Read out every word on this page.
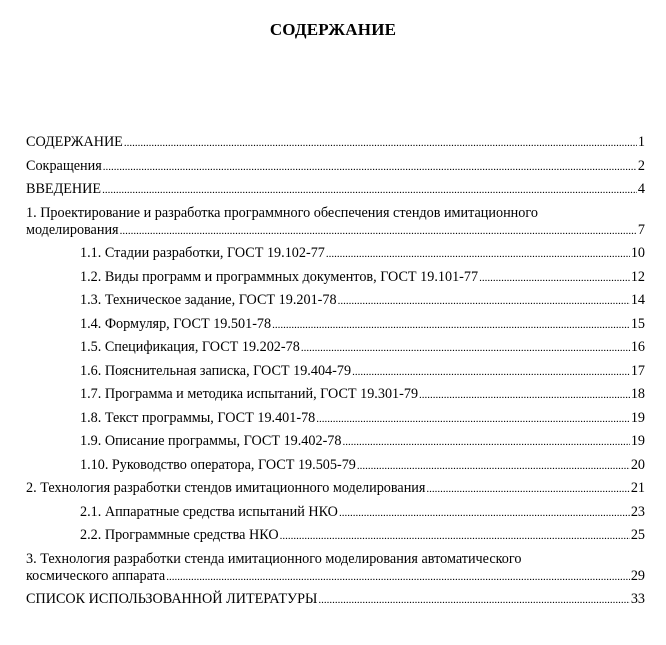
СОДЕРЖАНИЕ
СОДЕРЖАНИЕ .....	1
Сокращения .....	2
ВВЕДЕНИЕ .....	4
1. Проектирование и разработка программного обеспечения стендов имитационного
моделирования .....	7
1.1. Стадии разработки, ГОСТ 19.102-77 .....	10
1.2. Виды программ и программных документов, ГОСТ 19.101-77 .....	12
1.3. Техническое задание, ГОСТ 19.201-78 .....	14
1.4. Формуляр, ГОСТ 19.501-78 .....	15
1.5. Спецификация, ГОСТ 19.202-78 .....	16
1.6. Пояснительная записка, ГОСТ 19.404-79 .....	17
1.7. Программа и методика испытаний, ГОСТ 19.301-79 .....	18
1.8. Текст программы, ГОСТ 19.401-78 .....	19
1.9. Описание программы, ГОСТ 19.402-78 .....	19
1.10. Руководство оператора, ГОСТ 19.505-79 .....	20
2. Технология разработки стендов имитационного моделирования .....	21
2.1. Аппаратные средства испытаний НКО .....	23
2.2. Программные средства НКО .....	25
3. Технология разработки стенда имитационного моделирования автоматического
космического аппарата .....	29
СПИСОК ИСПОЛЬЗОВАННОЙ ЛИТЕРАТУРЫ .....	33
